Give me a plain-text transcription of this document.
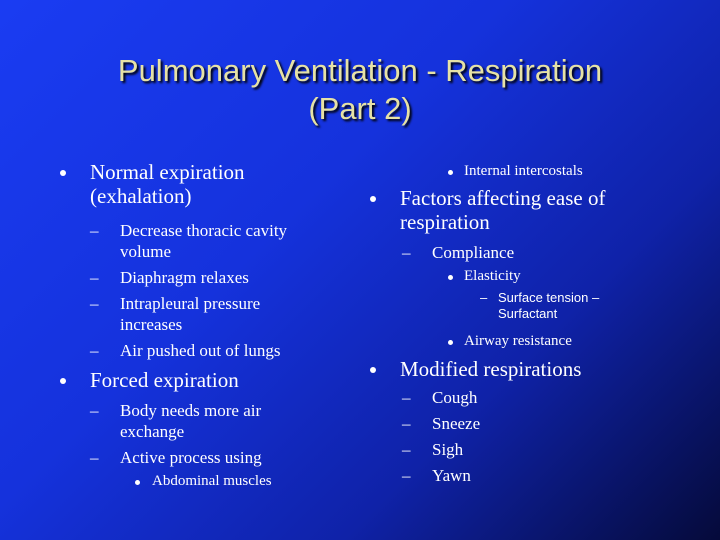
Pulmonary Ventilation - Respiration
(Part 2)
Normal expiration (exhalation)
– Decrease thoracic cavity volume
– Diaphragm relaxes
– Intrapleural pressure increases
– Air pushed out of lungs
Forced expiration
– Body needs more air exchange
– Active process using
Abdominal muscles
Internal intercostals
Factors affecting ease of respiration
– Compliance
Elasticity
– Surface tension – Surfactant
Airway resistance
Modified respirations
– Cough
– Sneeze
– Sigh
– Yawn
